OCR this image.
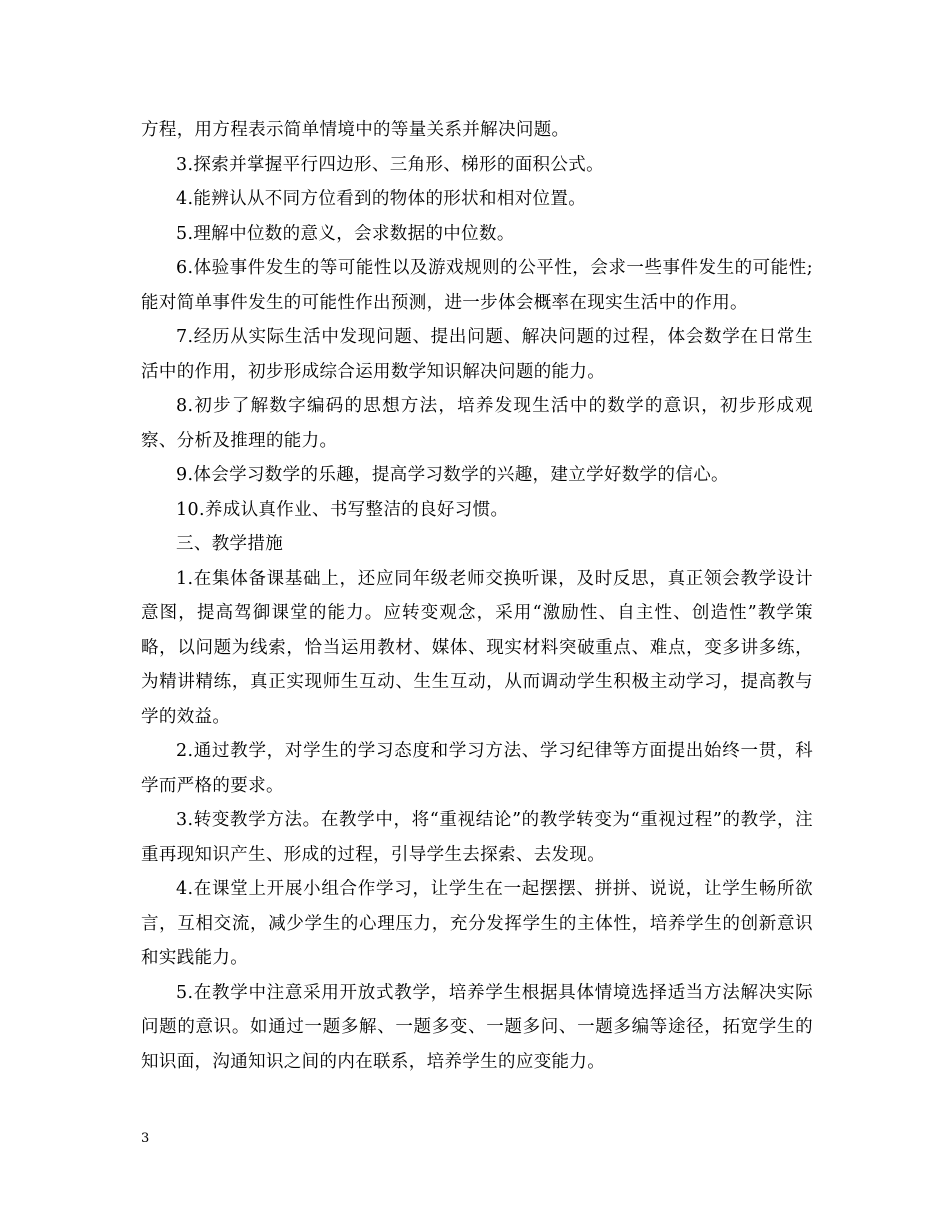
方程，用方程表示简单情境中的等量关系并解决问题。

3.探索并掌握平行四边形、三角形、梯形的面积公式。

4.能辨认从不同方位看到的物体的形状和相对位置。

5.理解中位数的意义，会求数据的中位数。

6.体验事件发生的等可能性以及游戏规则的公平性，会求一些事件发生的可能性;能对简单事件发生的可能性作出预测，进一步体会概率在现实生活中的作用。

7.经历从实际生活中发现问题、提出问题、解决问题的过程，体会数学在日常生活中的作用，初步形成综合运用数学知识解决问题的能力。

8.初步了解数字编码的思想方法，培养发现生活中的数学的意识，初步形成观察、分析及推理的能力。

9.体会学习数学的乐趣，提高学习数学的兴趣，建立学好数学的信心。

10.养成认真作业、书写整洁的良好习惯。

三、教学措施

1.在集体备课基础上，还应同年级老师交换听课，及时反思，真正领会教学设计意图，提高驾御课堂的能力。应转变观念，采用“激励性、自主性、创造性”教学策略，以问题为线索，恰当运用教材、媒体、现实材料突破重点、难点，变多讲多练，为精讲精练，真正实现师生互动、生生互动，从而调动学生积极主动学习，提高教与学的效益。

2.通过教学，对学生的学习态度和学习方法、学习纪律等方面提出始终一贯，科学而严格的要求。

3.转变教学方法。在教学中，将“重视结论”的教学转变为“重视过程”的教学，注重再现知识产生、形成的过程，引导学生去探索、去发现。

4.在课堂上开展小组合作学习，让学生在一起摆摆、拼拼、说说，让学生畅所欲言，互相交流，减少学生的心理压力，充分发挥学生的主体性，培养学生的创新意识和实践能力。

5.在教学中注意采用开放式教学，培养学生根据具体情境选择适当方法解决实际问题的意识。如通过一题多解、一题多变、一题多问、一题多编等途径，拓宽学生的知识面，沟通知识之间的内在联系，培养学生的应变能力。

3
